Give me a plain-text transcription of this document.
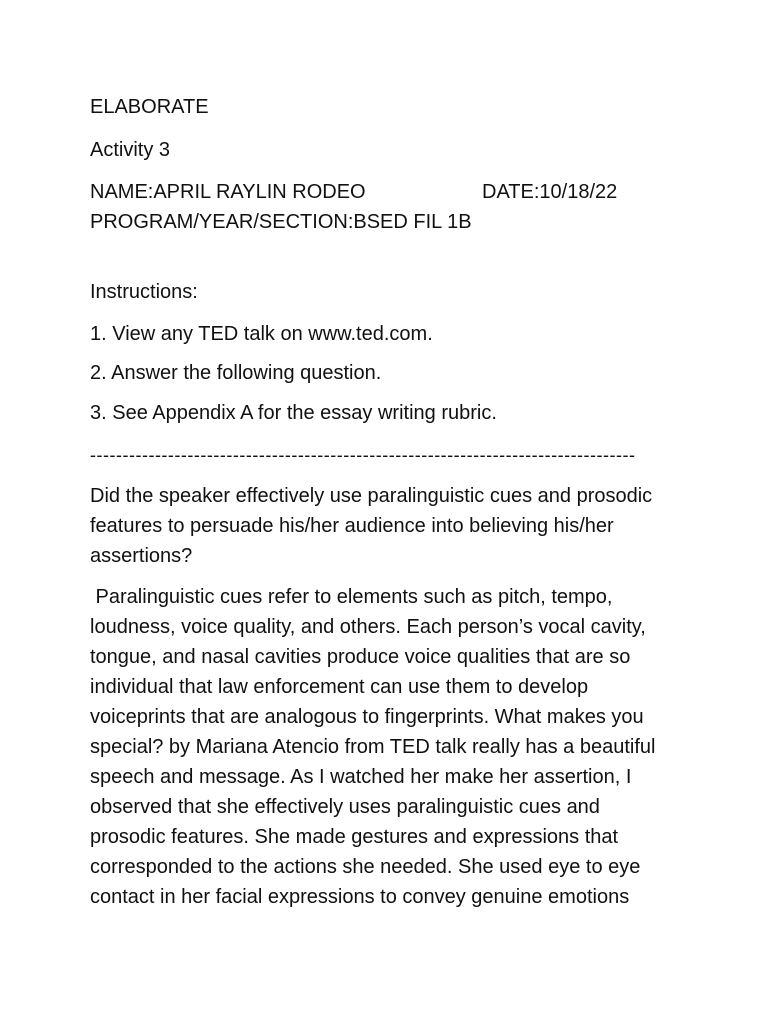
ELABORATE

Activity 3

NAME:APRIL RAYLIN RODEO	DATE:10/18/22

PROGRAM/YEAR/SECTION:BSED FIL 1B

Instructions:

1. View any TED talk on www.ted.com.

2. Answer the following question.

3. See Appendix A for the essay writing rubric.

------------------------------------------------------------------------------------
Did the speaker effectively use paralinguistic cues and prosodic
features to persuade his/her audience into believing his/her
assertions?
Paralinguistic cues refer to elements such as pitch, tempo,
loudness, voice quality, and others. Each person’s vocal cavity,
tongue, and nasal cavities produce voice qualities that are so
individual that law enforcement can use them to develop
voiceprints that are analogous to fingerprints. What makes you
special? by Mariana Atencio from TED talk really has a beautiful
speech and message. As I watched her make her assertion, I
observed that she effectively uses paralinguistic cues and
prosodic features. She made gestures and expressions that
corresponded to the actions she needed. She used eye to eye
contact in her facial expressions to convey genuine emotions
